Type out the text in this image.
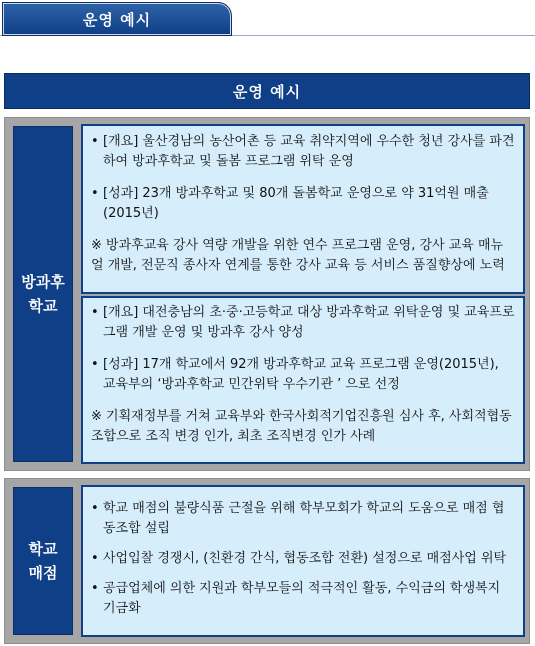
운영 예시
운영 예시
방과후
학교
• [개요] 울산경남의 농산어촌 등 교육 취약지역에 우수한 청년 강사를 파견하여 방과후학교 및 돌봄 프로그램 위탁 운영
• [성과] 23개 방과후학교 및 80개 돌봄학교 운영으로 약 31억원 매출(2015년)
※ 방과후교육 강사 역량 개발을 위한 연수 프로그램 운영, 강사 교육 매뉴얼 개발, 전문직 종사자 연계를 통한 강사 교육 등 서비스 품질향상에 노력
• [개요] 대전충남의 초·중·고등학교 대상 방과후학교 위탁운영 및 교육프로그램 개발 운영 및 방과후 강사 양성
• [성과] 17개 학교에서 92개 방과후학교 교육 프로그램 운영(2015년), 교육부의 ‘방과후학교 민간위탁 우수기관 ’ 으로 선정
※ 기획재정부를 거쳐 교육부와 한국사회적기업진흥원 심사 후, 사회적협동조합으로 조직 변경 인가, 최초 조직변경 인가 사례
학교
매점
• 학교 매점의 불량식품 근절을 위해 학부모회가 학교의 도움으로 매점 협동조합 설립
• 사업입찰 경쟁시, (친환경 간식, 협동조합 전환) 설정으로 매점사업 위탁
• 공급업체에 의한 지원과 학부모들의 적극적인 활동, 수익금의 학생복지 기금화
